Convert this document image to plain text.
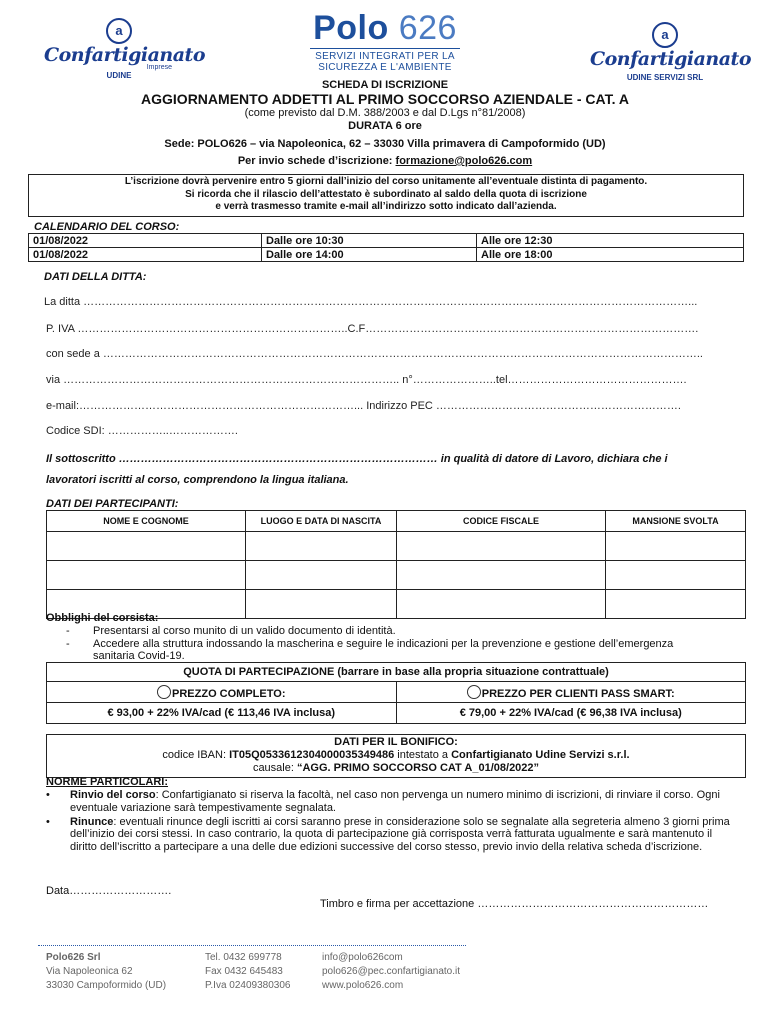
a
Confartigianato
Imprese
UDINE
Polo 626
SERVIZI INTEGRATI PER LA
SICUREZZA E L'AMBIENTE
a
Confartigianato
UDINE SERVIZI SRL
SCHEDA DI ISCRIZIONE
AGGIORNAMENTO ADDETTI AL PRIMO SOCCORSO AZIENDALE - CAT. A
(come previsto dal D.M. 388/2003 e dal D.Lgs n°81/2008)
DURATA 6 ore
Sede: POLO626 – via Napoleonica, 62 – 33030 Villa primavera di Campoformido (UD)
Per invio schede d’iscrizione: formazione@polo626.com
L’iscrizione dovrà pervenire entro 5 giorni dall’inizio del corso unitamente all’eventuale distinta di pagamento.
Si ricorda che il rilascio dell’attestato è subordinato al saldo della quota di iscrizione
e verrà trasmesso tramite e-mail all’indirizzo sotto indicato dall’azienda.
CALENDARIO DEL CORSO:
01/08/2022	Dalle ore 10:30	Alle ore 12:30
01/08/2022	Dalle ore 14:00	Alle ore 18:00
DATI DELLA DITTA:
La ditta …………………………………………………………………………………………………………………………………………………...
P. IVA ………………………………………………………………..C.F……………………………………………………………………………….
con sede a ………………………………………………………………………………………………………………………………………………..
via ……………………………………………………………………………….. n°…………………..tel………………………………………….
e-mail:…………………………………………………………………... Indirizzo PEC ………………………………………………………….
Codice SDI: ……………..……………….
Il sottoscritto …………………………………………………………………………… in qualità di datore di Lavoro, dichiara che i
lavoratori iscritti al corso, comprendono la lingua italiana.
DATI DEI PARTECIPANTI:
NOME E COGNOME	LUOGO E DATA DI NASCITA	CODICE FISCALE	MANSIONE SVOLTA

Obblighi del corsista:
- Presentarsi al corso munito di un valido documento di identità.
- Accedere alla struttura indossando la mascherina e seguire le indicazioni per la prevenzione e gestione dell’emergenza
sanitaria Covid-19.
QUOTA DI PARTECIPAZIONE (barrare in base alla propria situazione contrattuale)	
PREZZO COMPLETO:	PREZZO PER CLIENTI PASS SMART:
€ 93,00 + 22% IVA/cad (€ 113,46 IVA inclusa)	€ 79,00 + 22% IVA/cad (€ 96,38 IVA inclusa)
DATI PER IL BONIFICO:
codice IBAN: IT05Q0533612304000035349486 intestato a Confartigianato Udine Servizi s.r.l.
causale: “AGG. PRIMO SOCCORSO CAT A_01/08/2022”
NORME PARTICOLARI:
• Rinvio del corso: Confartigianato si riserva la facoltà, nel caso non pervenga un numero minimo di iscrizioni, di rinviare il corso. Ogni eventuale variazione sarà tempestivamente segnalata.
• Rinunce: eventuali rinunce degli iscritti ai corsi saranno prese in considerazione solo se segnalate alla segreteria almeno 3 giorni prima dell’inizio dei corsi stessi. In caso contrario, la quota di partecipazione già corrisposta verrà fatturata ugualmente e sarà mantenuto il diritto dell’iscritto a partecipare a una delle due edizioni successive del corso stesso, previo invio della relativa scheda d’iscrizione.
Data……………………….
Timbro e firma per accettazione ………………………………………………………
Polo626 Srl
Via Napoleonica 62
33030 Campoformido (UD)
Tel. 0432 699778
Fax 0432 645483
P.Iva 02409380306
info@polo626com
polo626@pec.confartigianato.it
www.polo626.com
